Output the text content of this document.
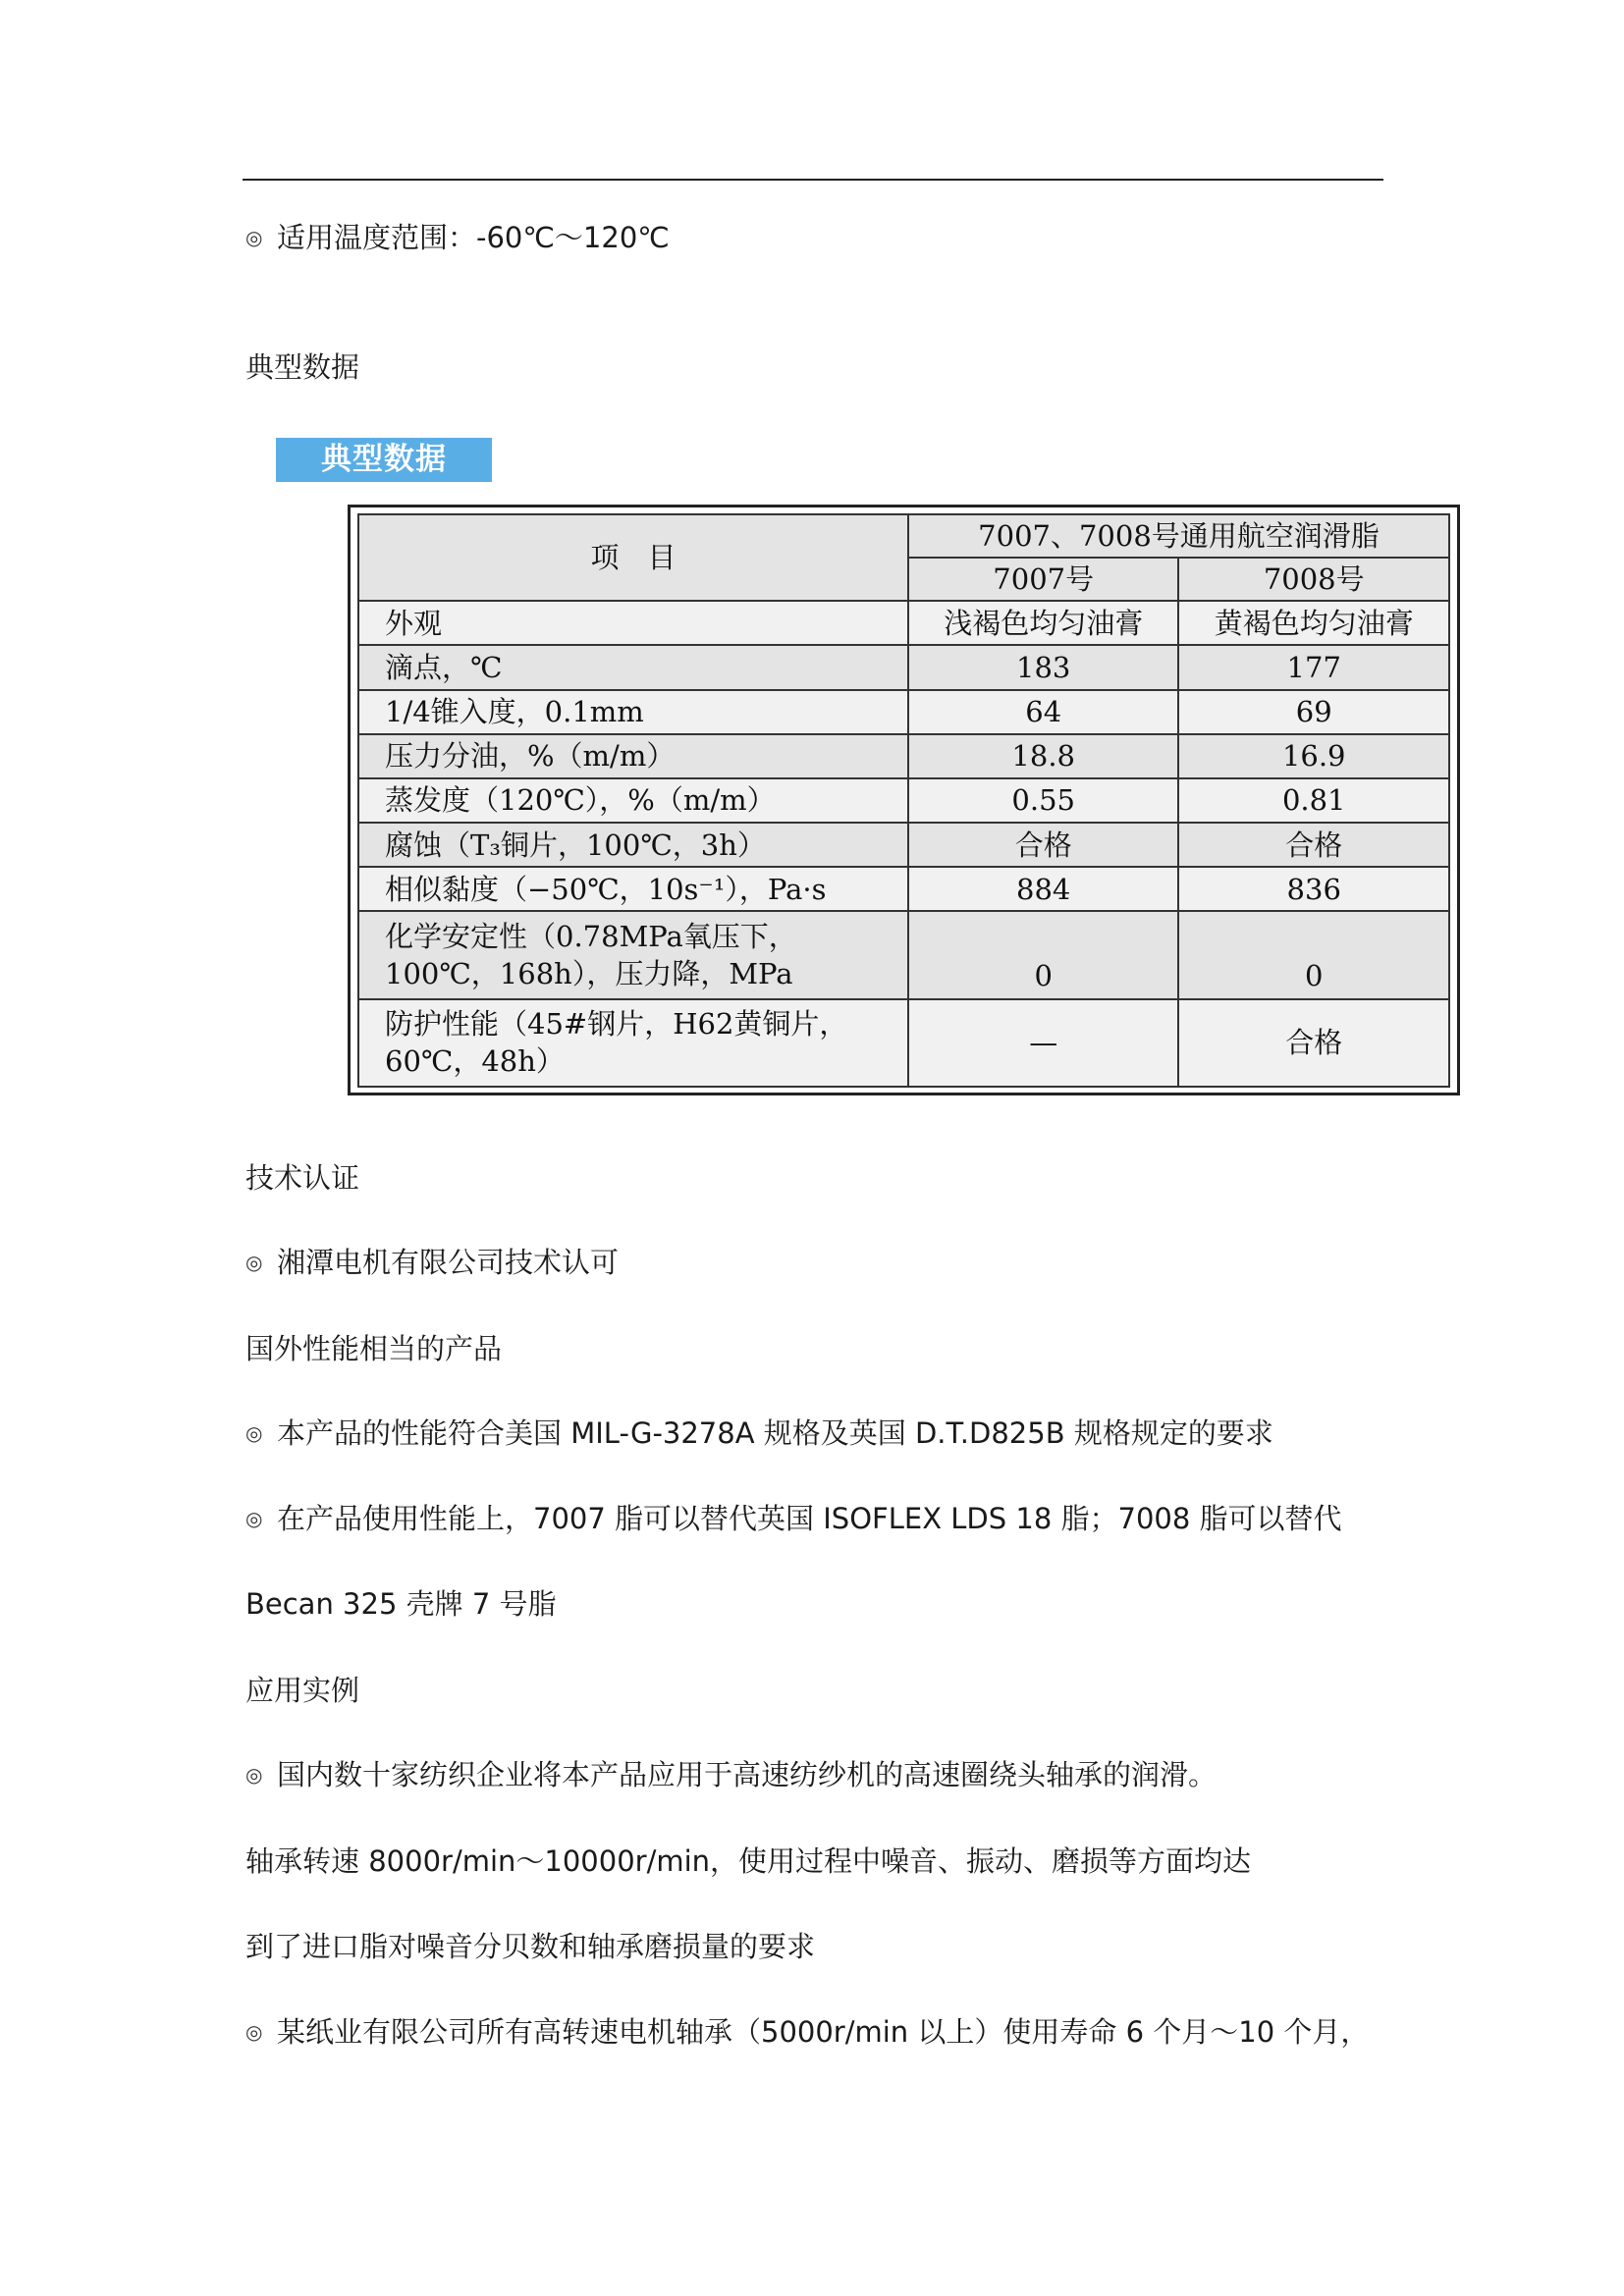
◎ 适用温度范围：-60℃～120℃
典型数据
典型数据
项　目	7007、7008号通用航空润滑脂	
	7007号	7008号
外观	浅褐色均匀油膏	黄褐色均匀油膏
滴点，℃	183	177
1/4锥入度，0.1mm	64	69
压力分油，%（m/m）	18.8	16.9
蒸发度（120℃），%（m/m）	0.55	0.81
腐蚀（T₃铜片，100℃，3h）	合格	合格
相似黏度（−50℃，10s⁻¹），Pa·s	884	836

化学安定性（0.78MPa氧压下，
100℃，168h），压力降，MPa	0	0

防护性能（45#钢片，H62黄铜片，
60℃，48h）	—	合格
技术认证
◎ 湘潭电机有限公司技术认可
国外性能相当的产品
◎ 本产品的性能符合美国 MIL-G-3278A 规格及英国 D.T.D825B 规格规定的要求
◎ 在产品使用性能上，7007 脂可以替代英国 ISOFLEX LDS 18 脂；7008 脂可以替代
Becan 325 壳牌 7 号脂
应用实例
◎ 国内数十家纺织企业将本产品应用于高速纺纱机的高速圈绕头轴承的润滑。
轴承转速 8000r/min～10000r/min，使用过程中噪音、振动、磨损等方面均达
到了进口脂对噪音分贝数和轴承磨损量的要求
◎ 某纸业有限公司所有高转速电机轴承（5000r/min 以上）使用寿命 6 个月～10 个月，
